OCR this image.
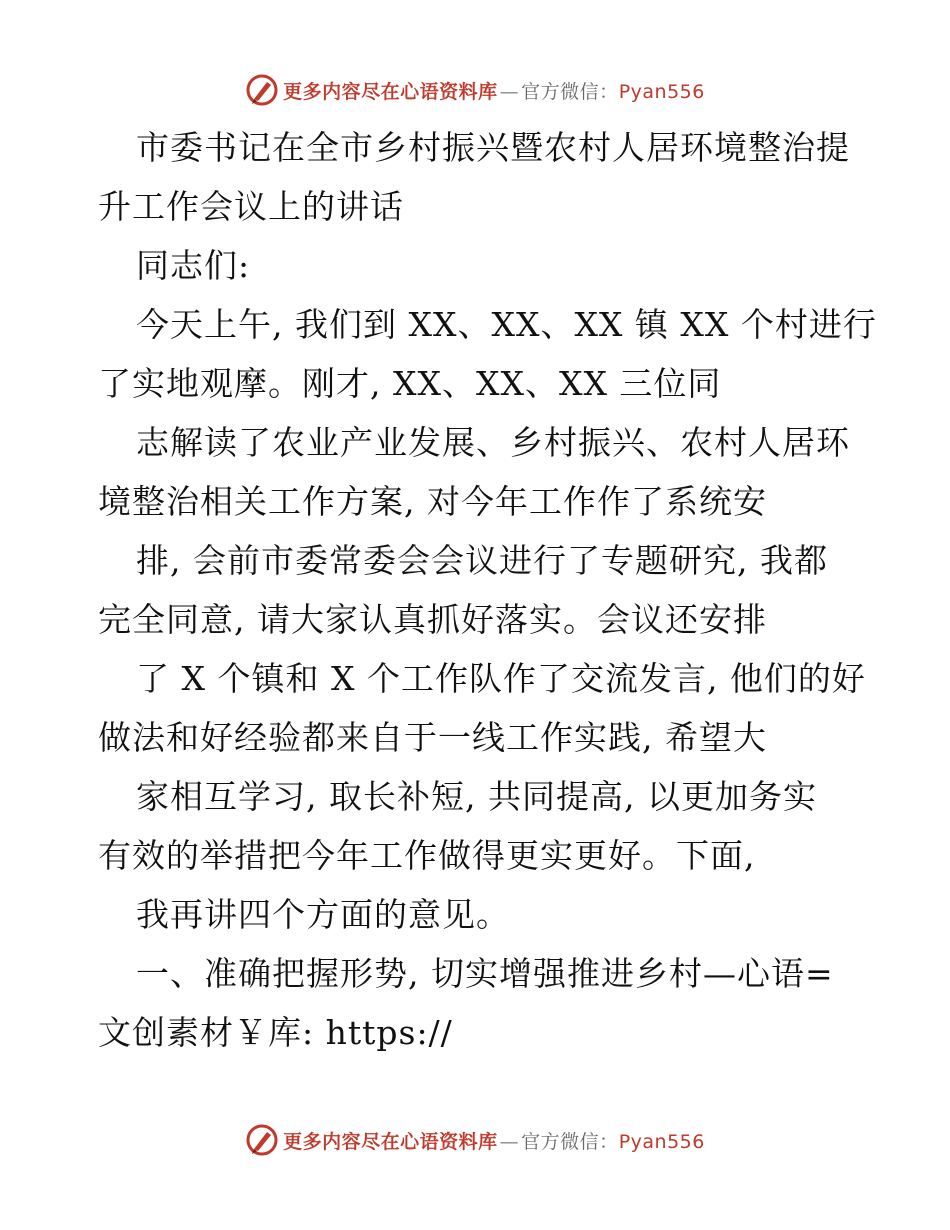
更多内容尽在心语资料库 — 官方微信：Pyan556
市委书记在全市乡村振兴暨农村人居环境整治提
升工作会议上的讲话
同志们:
今天上午, 我们到 XX、XX、XX 镇 XX 个村进行
了实地观摩。刚才, XX、XX、XX 三位同
志解读了农业产业发展、乡村振兴、农村人居环
境整治相关工作方案, 对今年工作作了系统安
排, 会前市委常委会会议进行了专题研究, 我都
完全同意, 请大家认真抓好落实。会议还安排
了 X 个镇和 X 个工作队作了交流发言, 他们的好
做法和好经验都来自于一线工作实践, 希望大
家相互学习, 取长补短, 共同提高, 以更加务实
有效的举措把今年工作做得更实更好。下面,
我再讲四个方面的意见。
一、准确把握形势, 切实增强推进乡村—心语=
文创素材￥库: https://
更多内容尽在心语资料库 — 官方微信：Pyan556
